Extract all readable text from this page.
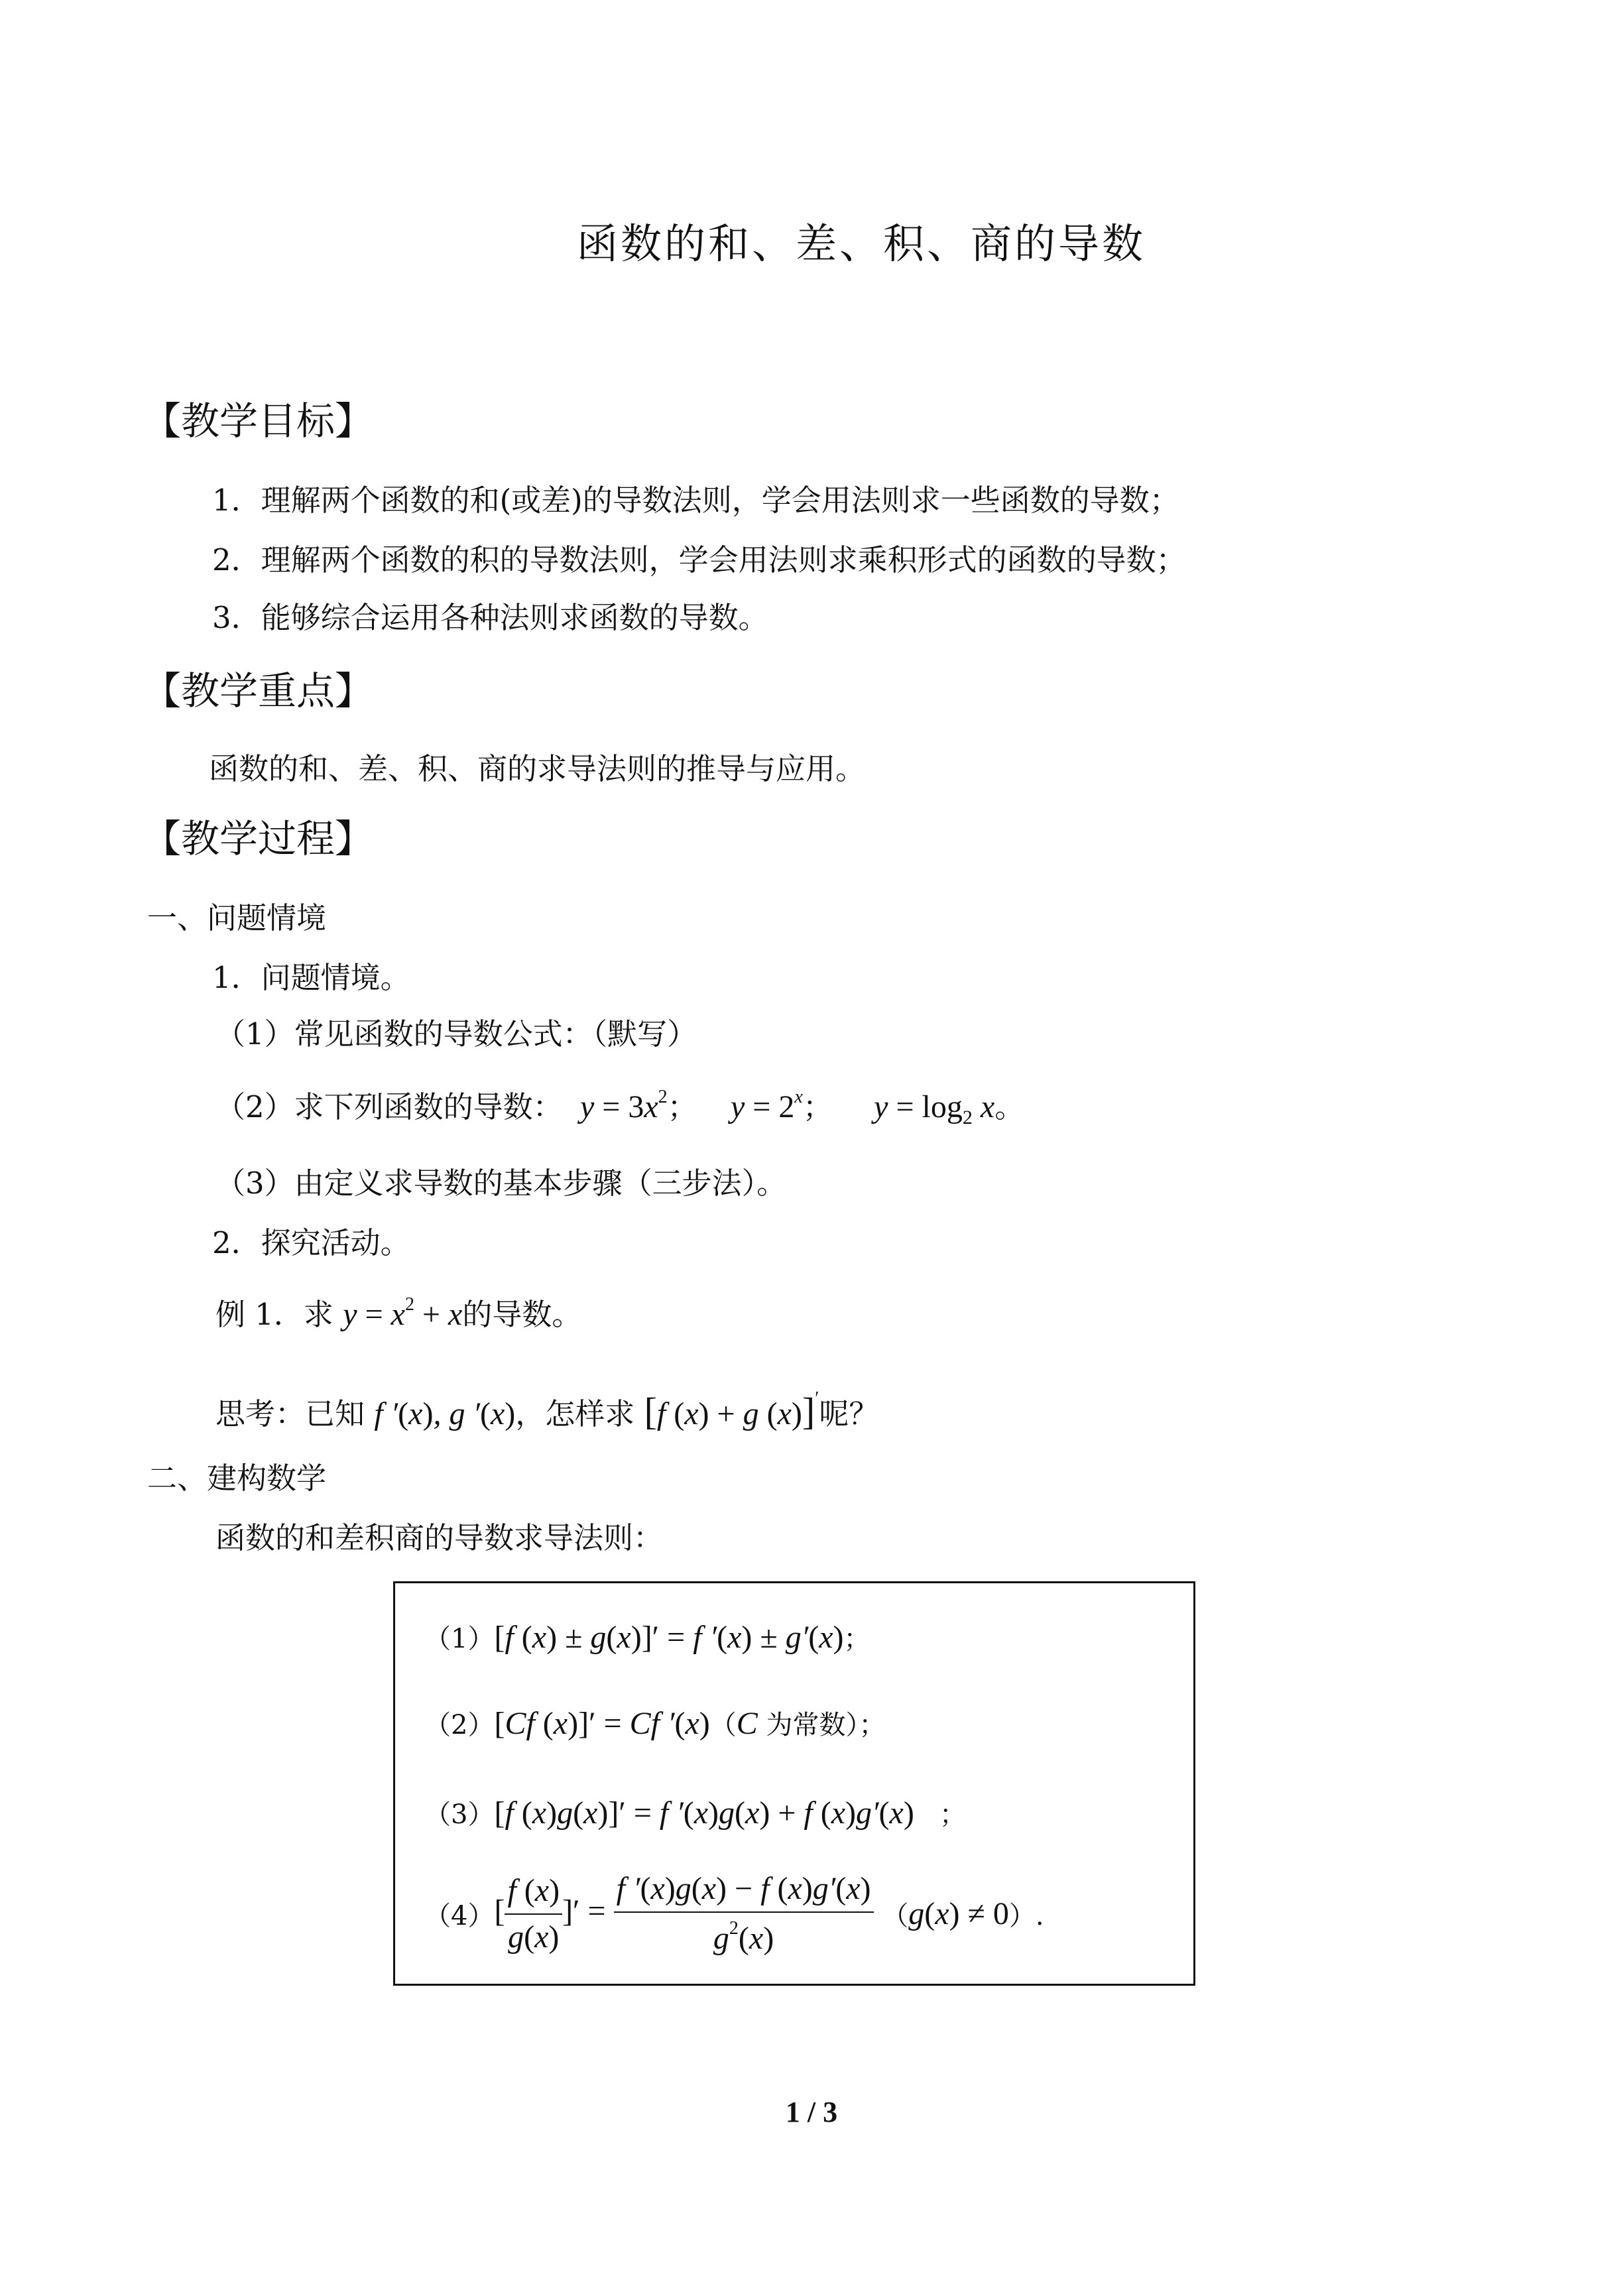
函数的和、差、积、商的导数
【教学目标】
1．理解两个函数的和(或差)的导数法则，学会用法则求一些函数的导数；
2．理解两个函数的积的导数法则，学会用法则求乘积形式的函数的导数；
3．能够综合运用各种法则求函数的导数。
【教学重点】
函数的和、差、积、商的求导法则的推导与应用。
【教学过程】
一、问题情境
1．问题情境。
（1）常见函数的导数公式：（默写）
（2）求下列函数的导数：  $y = 3x^2$；    $y = 2^x$；     $y = \log_2 x$。
（3）由定义求导数的基本步骤（三步法）。
2．探究活动。
例 1．求 $y = x^2 + x$的导数。
思考：已知 f ′(x), g ′(x)，怎样求 [f (x) + g (x)]′呢？
二、建构数学
函数的和差积商的导数求导法则：
（1）[f (x) ± g(x)]′ = f ′(x) ± g′(x)；
（2）[Cf (x)]′ = Cf ′(x)（C 为常数）；
（3）[f (x)g(x)]′ = f ′(x)g(x) + f (x)g′(x) ；
$(4)[ \frac{f (x)}{g(x)}$ ]′ = $\frac{f '(x)g(x) - f (x)g'(x)}{g^2(x)} (g(x) \ne 0)$.
1 / 3
